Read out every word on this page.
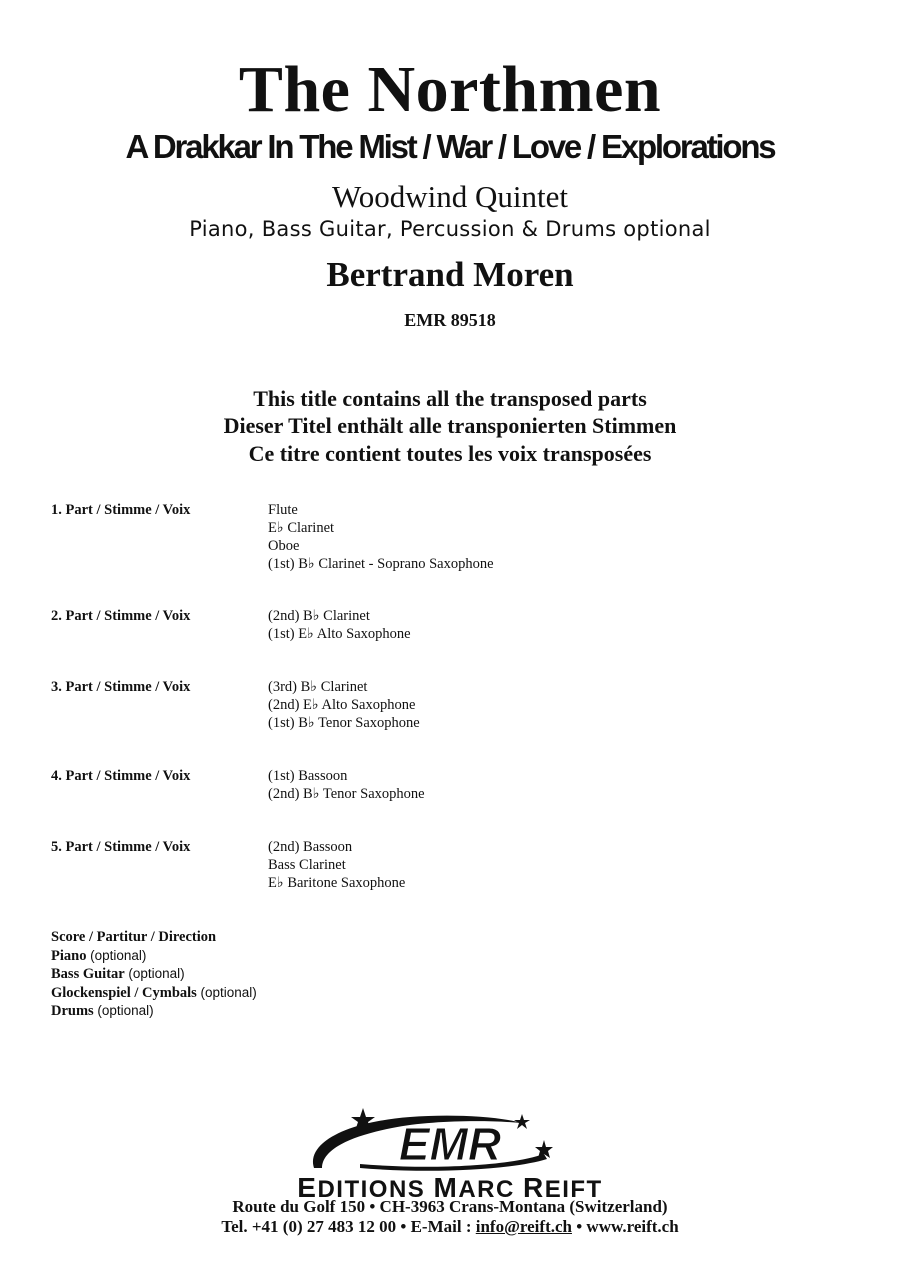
The Northmen
A Drakkar In The Mist / War / Love / Explorations
Woodwind Quintet
Piano, Bass Guitar, Percussion & Drums optional
Bertrand Moren
EMR 89518
This title contains all the transposed parts
Dieser Titel enthält alle transponierten Stimmen
Ce titre contient toutes les voix transposées
1. Part / Stimme / Voix	Flute
E♭ Clarinet
Oboe
(1st) B♭ Clarinet - Soprano Saxophone
2. Part / Stimme / Voix	(2nd) B♭ Clarinet
(1st) E♭ Alto Saxophone
3. Part / Stimme / Voix	(3rd) B♭ Clarinet
(2nd) E♭ Alto Saxophone
(1st) B♭ Tenor Saxophone
4. Part / Stimme / Voix	(1st) Bassoon
(2nd) B♭ Tenor Saxophone
5. Part / Stimme / Voix	(2nd) Bassoon
Bass Clarinet
E♭ Baritone Saxophone
Score / Partitur / Direction
Piano (optional)
Bass Guitar (optional)
Glockenspiel / Cymbals (optional)
Drums (optional)
EMR
EDITIONS MARC REIFT
Route du Golf 150 • CH-3963 Crans-Montana (Switzerland)
Tel. +41 (0) 27 483 12 00 • E-Mail : info@reift.ch • www.reift.ch
